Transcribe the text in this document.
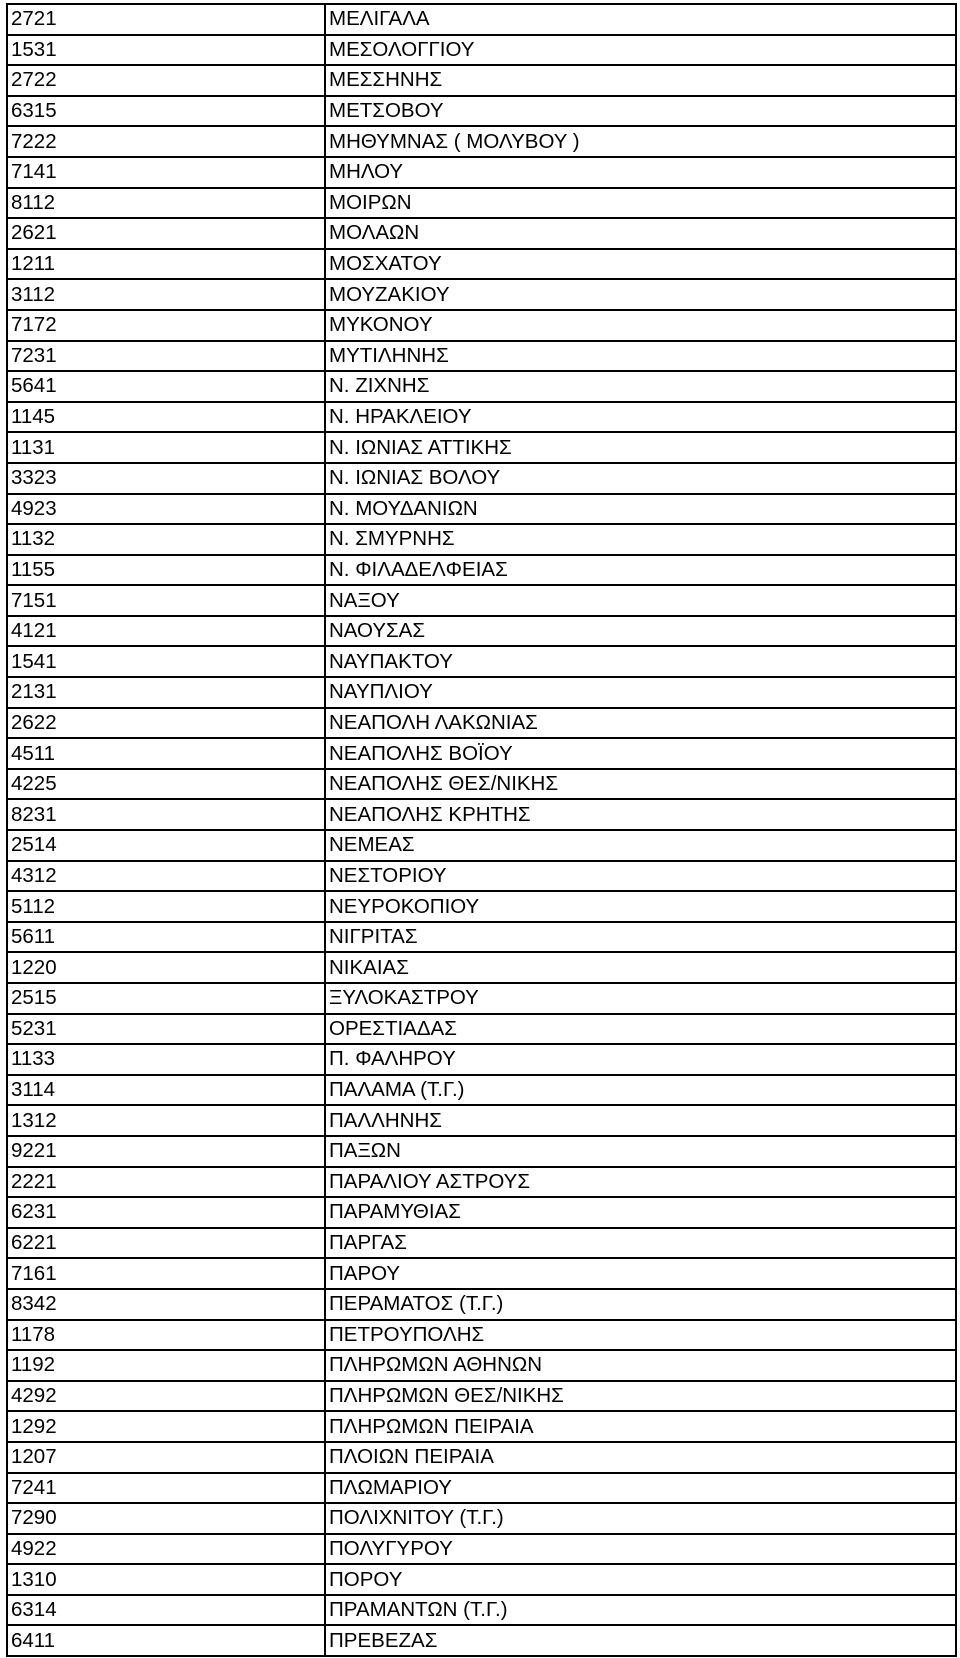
2721	ΜΕΛΙΓΑΛΑ
1531	ΜΕΣΟΛΟΓΓΙΟΥ
2722	ΜΕΣΣΗΝΗΣ
6315	ΜΕΤΣΟΒΟΥ
7222	ΜΗΘΥΜΝΑΣ ( ΜΟΛΥΒΟΥ )
7141	ΜΗΛΟΥ
8112	ΜΟΙΡΩΝ
2621	ΜΟΛΑΩΝ
1211	ΜΟΣΧΑΤΟΥ
3112	ΜΟΥΖΑΚΙΟΥ
7172	ΜΥΚΟΝΟΥ
7231	ΜΥΤΙΛΗΝΗΣ
5641	Ν. ΖΙΧΝΗΣ
1145	Ν. ΗΡΑΚΛΕΙΟΥ
1131	Ν. ΙΩΝΙΑΣ ΑΤΤΙΚΗΣ
3323	Ν. ΙΩΝΙΑΣ ΒΟΛΟΥ
4923	Ν. ΜΟΥΔΑΝΙΩΝ
1132	Ν. ΣΜΥΡΝΗΣ
1155	Ν. ΦΙΛΑΔΕΛΦΕΙΑΣ
7151	ΝΑΞΟΥ
4121	ΝΑΟΥΣΑΣ
1541	ΝΑΥΠΑΚΤΟΥ
2131	ΝΑΥΠΛΙΟΥ
2622	ΝΕΑΠΟΛΗ ΛΑΚΩΝΙΑΣ
4511	ΝΕΑΠΟΛΗΣ ΒΟΪΟΥ
4225	ΝΕΑΠΟΛΗΣ ΘΕΣ/ΝΙΚΗΣ
8231	ΝΕΑΠΟΛΗΣ ΚΡΗΤΗΣ
2514	ΝΕΜΕΑΣ
4312	ΝΕΣΤΟΡΙΟΥ
5112	ΝΕΥΡΟΚΟΠΙΟΥ
5611	ΝΙΓΡΙΤΑΣ
1220	ΝΙΚΑΙΑΣ
2515	ΞΥΛΟΚΑΣΤΡΟΥ
5231	ΟΡΕΣΤΙΑΔΑΣ
1133	Π. ΦΑΛΗΡΟΥ
3114	ΠΑΛΑΜΑ (Τ.Γ.)
1312	ΠΑΛΛΗΝΗΣ
9221	ΠΑΞΩΝ
2221	ΠΑΡΑΛΙΟΥ ΑΣΤΡΟΥΣ
6231	ΠΑΡΑΜΥΘΙΑΣ
6221	ΠΑΡΓΑΣ
7161	ΠΑΡΟΥ
8342	ΠΕΡΑΜΑΤΟΣ (Τ.Γ.)
1178	ΠΕΤΡΟΥΠΟΛΗΣ
1192	ΠΛΗΡΩΜΩΝ ΑΘΗΝΩΝ
4292	ΠΛΗΡΩΜΩΝ ΘΕΣ/ΝΙΚΗΣ
1292	ΠΛΗΡΩΜΩΝ ΠΕΙΡΑΙΑ
1207	ΠΛΟΙΩΝ ΠΕΙΡΑΙΑ
7241	ΠΛΩΜΑΡΙΟΥ
7290	ΠΟΛΙΧΝΙΤΟΥ (Τ.Γ.)
4922	ΠΟΛΥΓΥΡΟΥ
1310	ΠΟΡΟΥ
6314	ΠΡΑΜΑΝΤΩΝ (Τ.Γ.)
6411	ΠΡΕΒΕΖΑΣ
